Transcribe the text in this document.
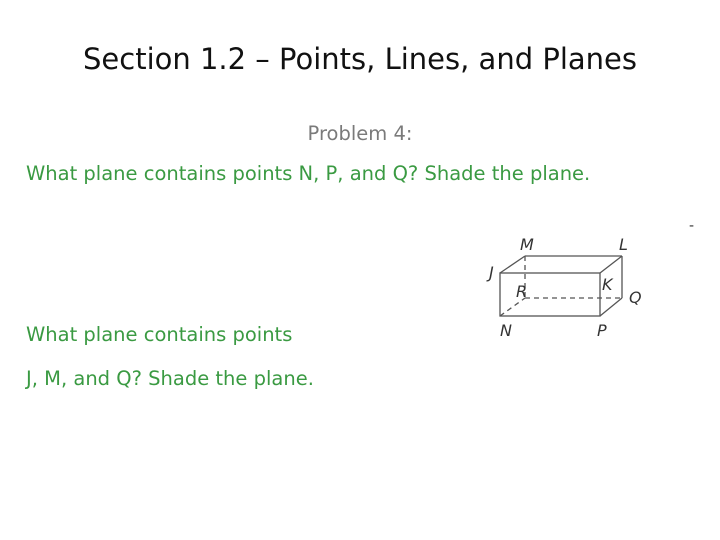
Section 1.2 – Points, Lines, and Planes
Problem 4:
What plane contains points N, P, and Q? Shade the plane.
-
M	L
J
K
R	Q
N	P
What plane contains points
J, M, and Q? Shade the plane.
